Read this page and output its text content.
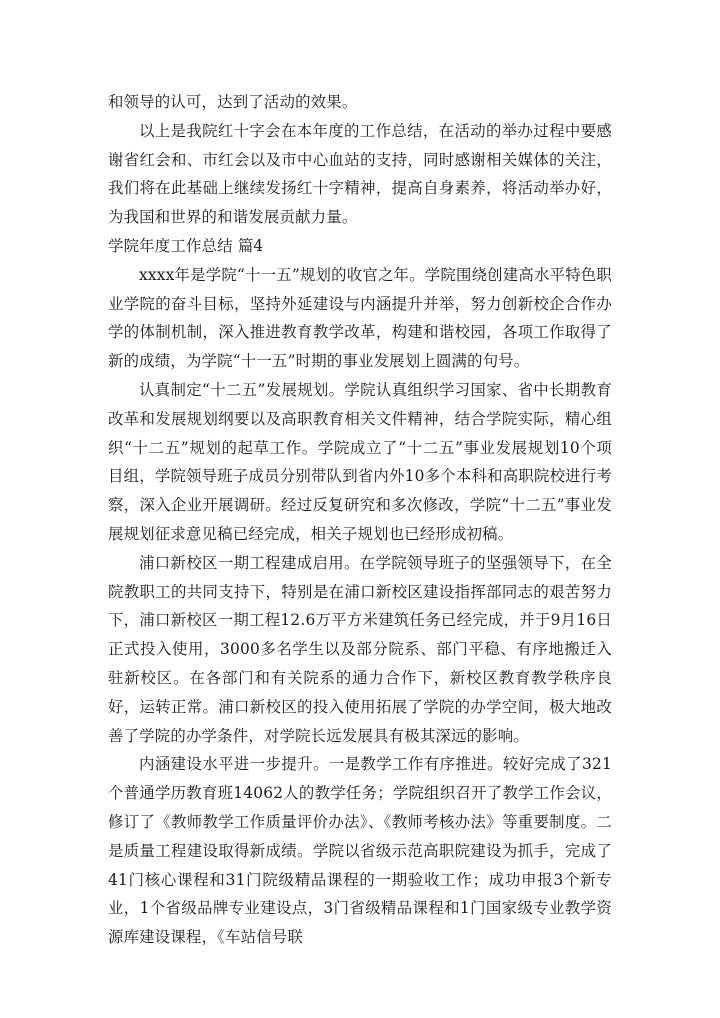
和领导的认可，达到了活动的效果。

以上是我院红十字会在本年度的工作总结，在活动的举办过程中要感谢省红会和、市红会以及市中心血站的支持，同时感谢相关媒体的关注，我们将在此基础上继续发扬红十字精神，提高自身素养，将活动举办好，为我国和世界的和谐发展贡献力量。

学院年度工作总结 篇4

xxxx年是学院“十一五”规划的收官之年。学院围绕创建高水平特色职业学院的奋斗目标，坚持外延建设与内涵提升并举，努力创新校企合作办学的体制机制，深入推进教育教学改革，构建和谐校园，各项工作取得了新的成绩，为学院“十一五”时期的事业发展划上圆满的句号。

认真制定“十二五”发展规划。学院认真组织学习国家、省中长期教育改革和发展规划纲要以及高职教育相关文件精神，结合学院实际，精心组织“十二五”规划的起草工作。学院成立了“十二五”事业发展规划10个项目组，学院领导班子成员分别带队到省内外10多个本科和高职院校进行考察，深入企业开展调研。经过反复研究和多次修改，学院“十二五”事业发展规划征求意见稿已经完成，相关子规划也已经形成初稿。

浦口新校区一期工程建成启用。在学院领导班子的坚强领导下，在全院教职工的共同支持下，特别是在浦口新校区建设指挥部同志的艰苦努力下，浦口新校区一期工程12.6万平方米建筑任务已经完成，并于9月16日正式投入使用，3000多名学生以及部分院系、部门平稳、有序地搬迁入驻新校区。在各部门和有关院系的通力合作下，新校区教育教学秩序良好，运转正常。浦口新校区的投入使用拓展了学院的办学空间，极大地改善了学院的办学条件，对学院长远发展具有极其深远的影响。

内涵建设水平进一步提升。一是教学工作有序推进。较好完成了321个普通学历教育班14062人的教学任务；学院组织召开了教学工作会议，修订了《教师教学工作质量评价办法》、《教师考核办法》等重要制度。二是质量工程建设取得新成绩。学院以省级示范高职院建设为抓手，完成了41门核心课程和31门院级精品课程的一期验收工作；成功申报3个新专业，1个省级品牌专业建设点，3门省级精品课程和1门国家级专业教学资源库建设课程，《车站信号联
